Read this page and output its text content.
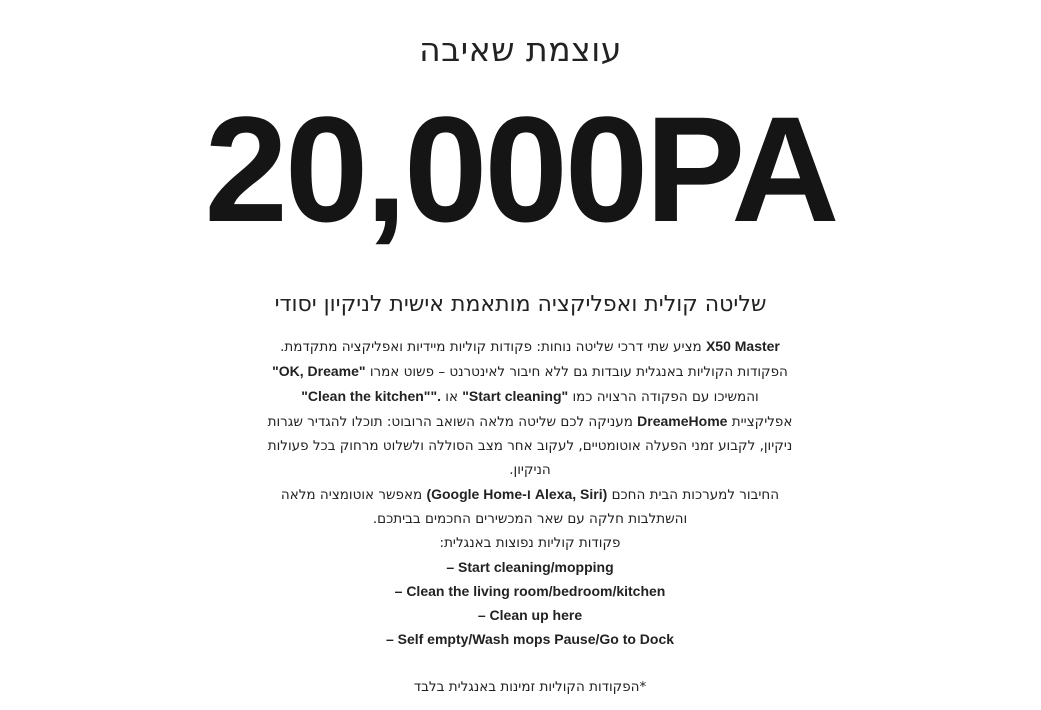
עוצמת שאיבה
20,000PA
שליטה קולית ואפליקציה מותאמת אישית לניקיון יסודי
X50 Master מציע שתי דרכי שליטה נוחות: פקודות קוליות מיידיות ואפליקציה מתקדמת.
הפקודות הקוליות באנגלית עובדות גם ללא חיבור לאינטרנט – פשוט אמרו "OK, Dreame"
והמשיכו עם הפקודה הרצויה כמו "Start cleaning" או "Clean the kitchen"".
אפליקציית DreameHome מעניקה לכם שליטה מלאה השואב הרובוט: תוכלו להגדיר שגרות
ניקיון, לקבוע זמני הפעלה אוטומטיים, לעקוב אחר מצב הסוללה ולשלוט מרחוק בכל פעולות
הניקיון.
החיבור למערכות הבית החכם (Google Home-ו Alexa, Siri) מאפשר אוטומציה מלאה
והשתלבות חלקה עם שאר המכשירים החכמים בביתכם.
פקודות קוליות נפוצות באנגלית:
– Start cleaning/mopping
– Clean the living room/bedroom/kitchen
– Clean up here
– Self empty/Wash mops Pause/Go to Dock
*הפקודות הקוליות זמינות באנגלית בלבד
